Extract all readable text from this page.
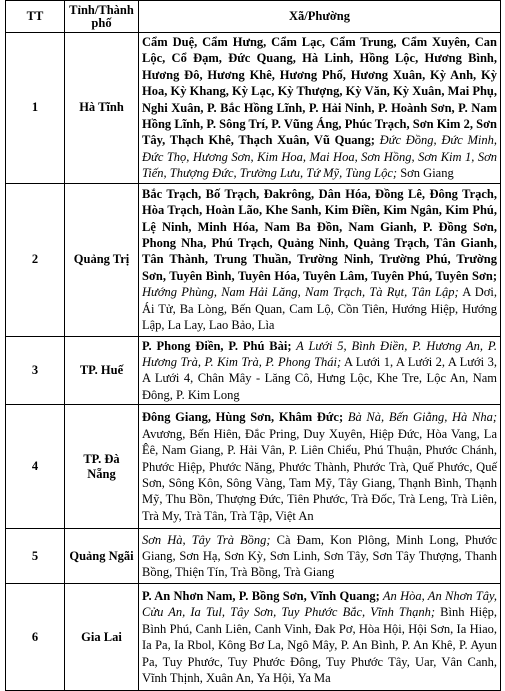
TT	Tỉnh/Thành phố	Xã/Phường
1	Hà Tĩnh	Cẩm Duệ, Cẩm Hưng, Cẩm Lạc, Cẩm Trung, Cẩm Xuyên, Can Lộc, Cổ Đạm, Đức Quang, Hà Linh, Hồng Lộc, Hương Bình, Hương Đô, Hương Khê, Hương Phố, Hương Xuân, Kỳ Anh, Kỳ Hoa, Kỳ Khang, Kỳ Lạc, Kỳ Thượng, Kỳ Văn, Kỳ Xuân, Mai Phụ, Nghi Xuân, P. Bắc Hồng Lĩnh, P. Hải Ninh, P. Hoành Sơn, P. Nam Hồng Lĩnh, P. Sông Trí, P. Vũng Áng, Phúc Trạch, Sơn Kim 2, Sơn Tây, Thạch Khê, Thạch Xuân, Vũ Quang; Đức Đồng, Đức Minh, Đức Thọ, Hương Sơn, Kim Hoa, Mai Hoa, Sơn Hồng, Sơn Kim 1, Sơn Tiến, Thượng Đức, Trường Lưu, Tứ Mỹ, Tùng Lộc; Sơn Giang
2	Quảng Trị	Bắc Trạch, Bố Trạch, Đakrông, Dân Hóa, Đồng Lê, Đông Trạch, Hòa Trạch, Hoàn Lão, Khe Sanh, Kim Điền, Kim Ngân, Kim Phú, Lệ Ninh, Minh Hóa, Nam Ba Đồn, Nam Gianh, P. Đồng Sơn, Phong Nha, Phú Trạch, Quảng Ninh, Quảng Trạch, Tân Gianh, Tân Thành, Trung Thuần, Trường Ninh, Trường Phú, Trường Sơn, Tuyên Bình, Tuyên Hóa, Tuyên Lâm, Tuyên Phú, Tuyên Sơn; Hướng Phùng, Nam Hải Lăng, Nam Trạch, Tà Rụt, Tân Lập; A Dơi, Ái Tử, Ba Lòng, Bến Quan, Cam Lộ, Cồn Tiên, Hướng Hiệp, Hướng Lập, La Lay, Lao Bảo, Lìa
3	TP. Huế	P. Phong Điền, P. Phú Bài; A Lưới 5, Bình Điền, P. Hương An, P. Hương Trà, P. Kim Trà, P. Phong Thái; A Lưới 1, A Lưới 2, A Lưới 3, A Lưới 4, Chân Mây - Lăng Cô, Hưng Lộc, Khe Tre, Lộc An, Nam Đông, P. Kim Long
4	TP. Đà Nẵng	Đông Giang, Hùng Sơn, Khâm Đức; Bà Nà, Bến Giằng, Hà Nha; Avương, Bến Hiên, Đắc Pring, Duy Xuyên, Hiệp Đức, Hòa Vang, La Êê, Nam Giang, P. Hải Vân, P. Liên Chiểu, Phú Thuận, Phước Chánh, Phước Hiệp, Phước Năng, Phước Thành, Phước Trà, Quế Phước, Quế Sơn, Sông Kôn, Sông Vàng, Tam Mỹ, Tây Giang, Thạnh Bình, Thạnh Mỹ, Thu Bồn, Thượng Đức, Tiên Phước, Trà Đốc, Trà Leng, Trà Liên, Trà My, Trà Tân, Trà Tập, Việt An
5	Quảng Ngãi	Sơn Hà, Tây Trà Bồng; Cà Đam, Kon Plông, Minh Long, Phước Giang, Sơn Hạ, Sơn Kỳ, Sơn Linh, Sơn Tây, Sơn Tây Thượng, Thanh Bồng, Thiện Tín, Trà Bồng, Trà Giang
6	Gia Lai	P. An Nhơn Nam, P. Bồng Sơn, Vĩnh Quang; An Hòa, An Nhơn Tây, Cửu An, Ia Tul, Tây Sơn, Tuy Phước Bắc, Vĩnh Thạnh; Bình Hiệp, Bình Phú, Canh Liên, Canh Vinh, Đak Pơ, Hòa Hội, Hội Sơn, Ia Hiao, Ia Pa, Ia Rbol, Kông Bơ La, Ngô Mây, P. An Bình, P. An Khê, P. Ayun Pa, Tuy Phước, Tuy Phước Đông, Tuy Phước Tây, Uar, Vân Canh, Vĩnh Thịnh, Xuân An, Ya Hội, Ya Ma
